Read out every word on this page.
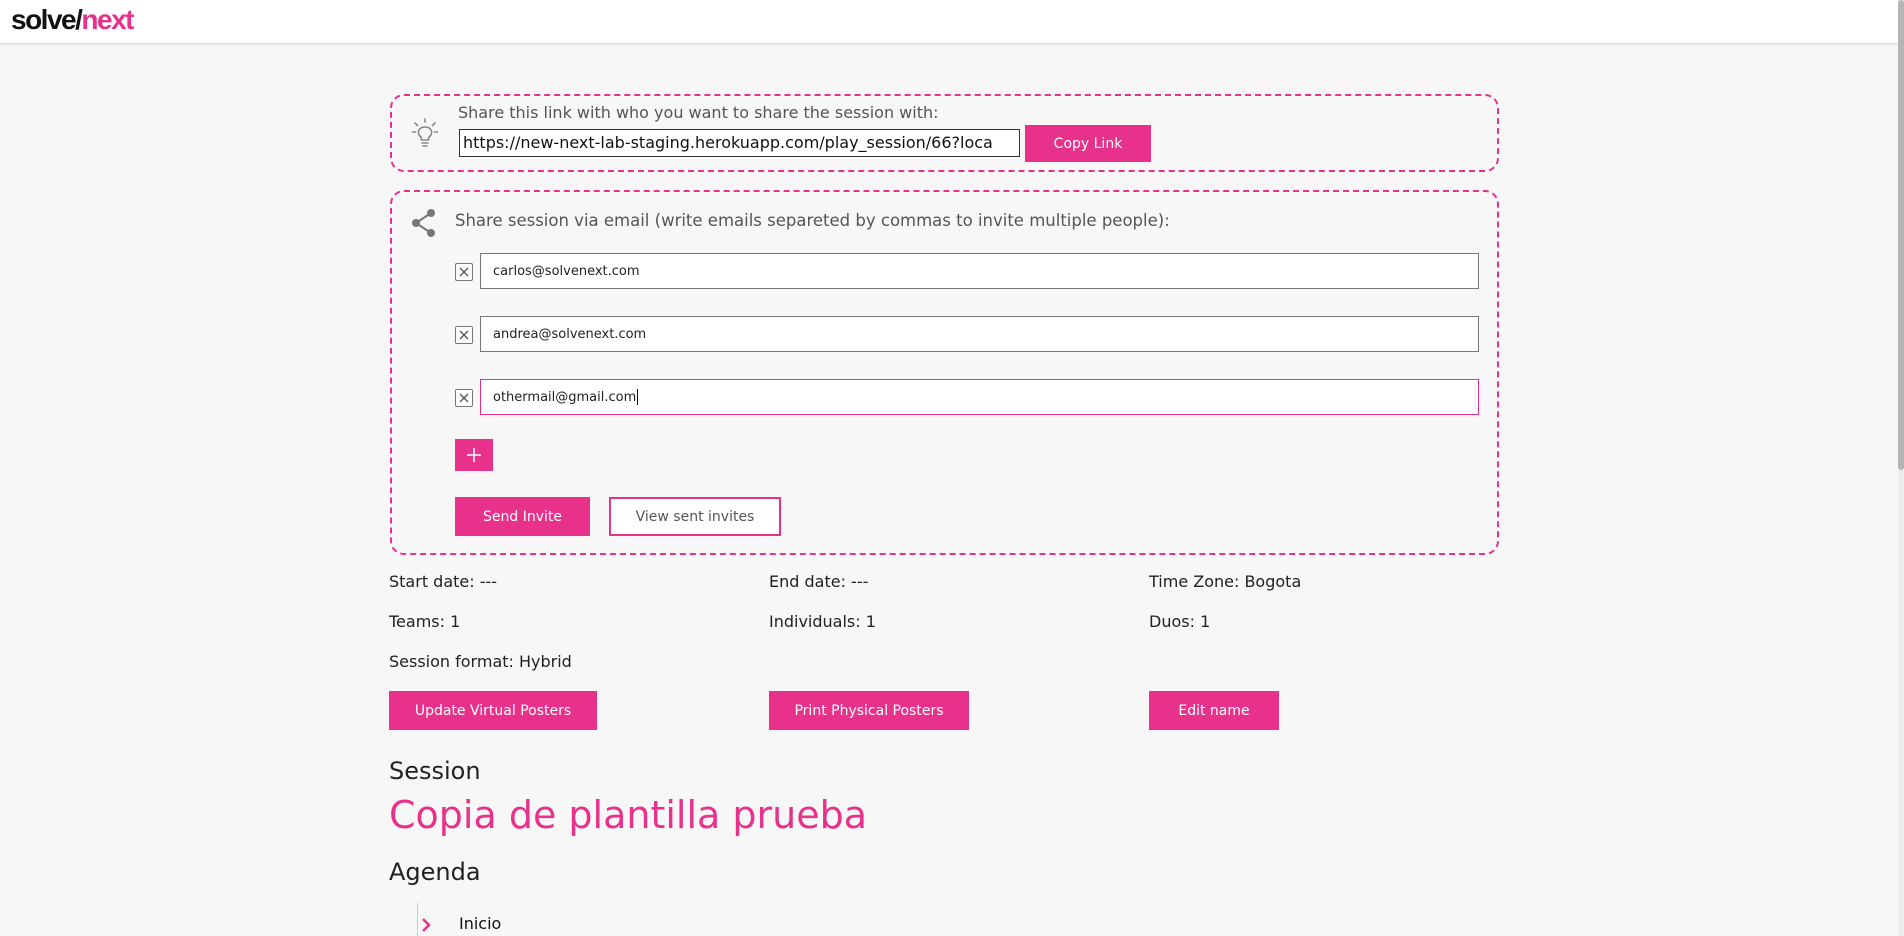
solve/next
Share this link with who you want to share the session with:
https://new-next-lab-staging.herokuapp.com/play_session/66?loca	Copy Link
Share session via email (write emails separeted by commas to invite multiple people):
carlos@solvenext.com
andrea@solvenext.com
othermail@gmail.com
Send Invite	View sent invites
Start date: ---	End date: ---	Time Zone: Bogota
Teams: 1	Individuals: 1	Duos: 1
Session format: Hybrid
Update Virtual Posters	Print Physical Posters	Edit name
Session
Copia de plantilla prueba
Agenda
Inicio
